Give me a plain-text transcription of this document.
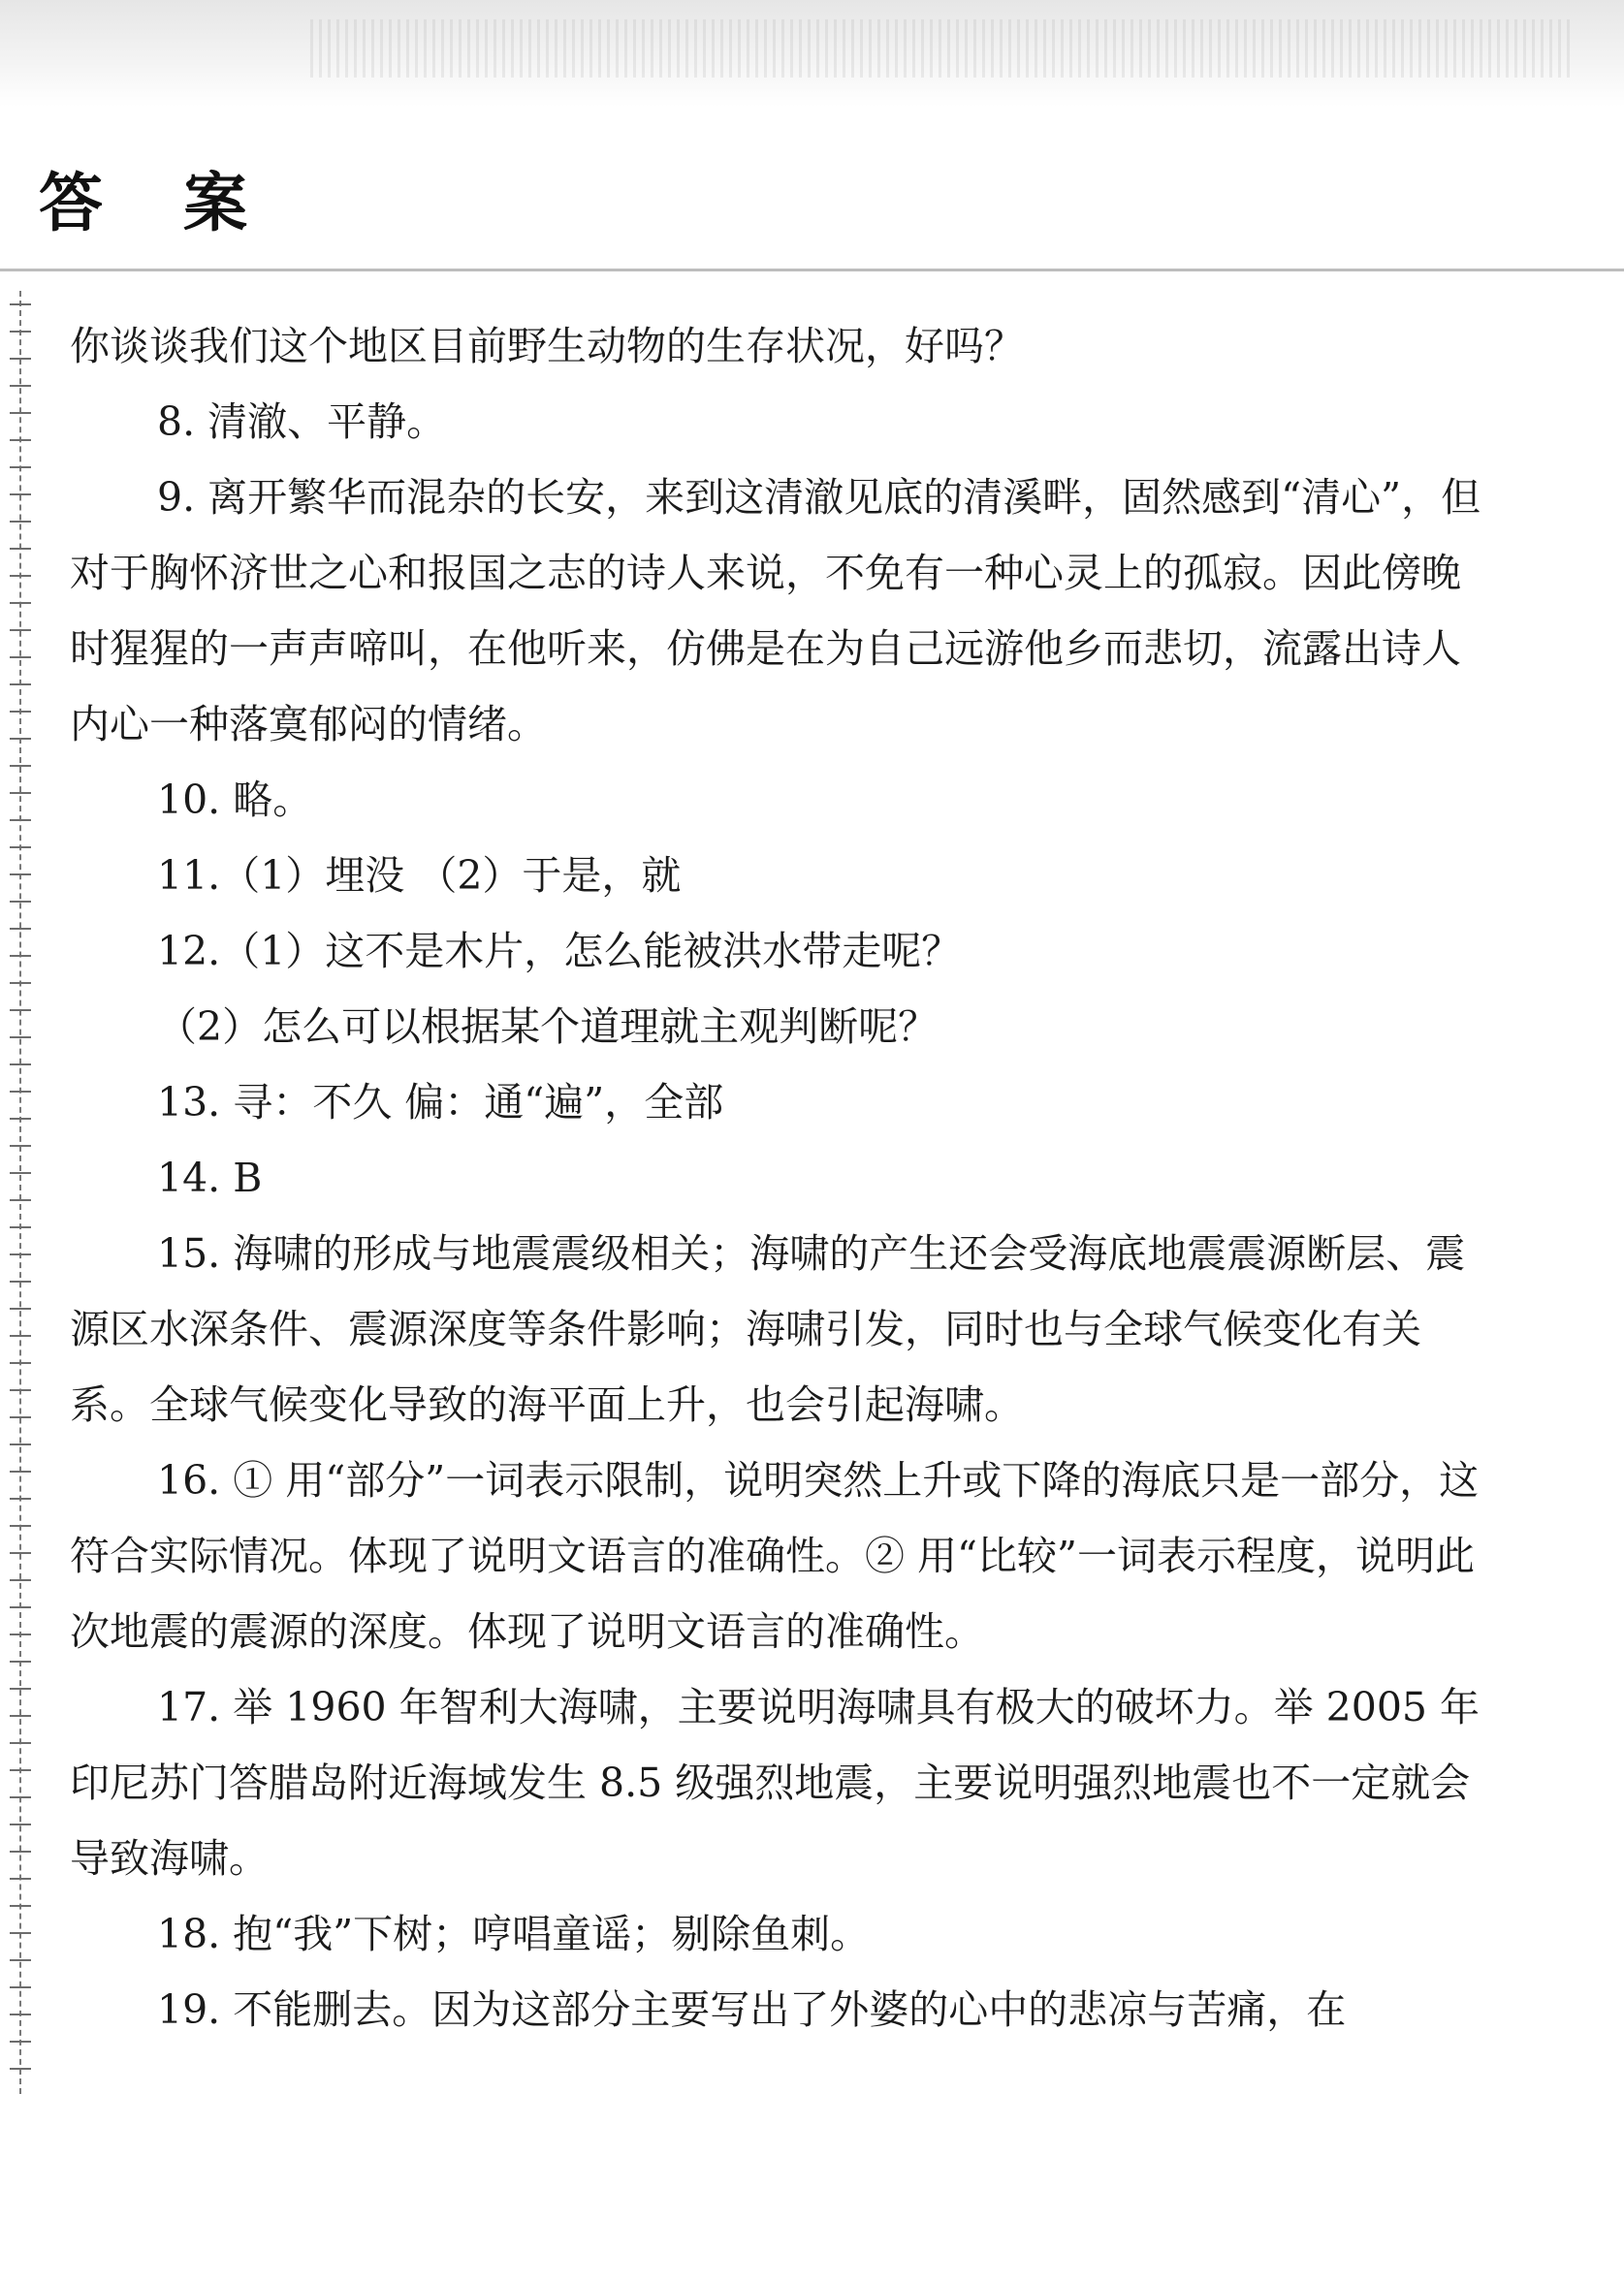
答 案

你谈谈我们这个地区目前野生动物的生存状况，好吗？

8. 清澈、平静。

9. 离开繁华而混杂的长安，来到这清澈见底的清溪畔，固然感到“清心”，但对于胸怀济世之心和报国之志的诗人来说，不免有一种心灵上的孤寂。因此傍晚时猩猩的一声声啼叫，在他听来，仿佛是在为自己远游他乡而悲切，流露出诗人内心一种落寞郁闷的情绪。

10. 略。

11.（1）埋没 （2）于是，就

12.（1）这不是木片，怎么能被洪水带走呢？

（2）怎么可以根据某个道理就主观判断呢？

13. 寻：不久 偏：通“遍”，全部

14. B

15. 海啸的形成与地震震级相关；海啸的产生还会受海底地震震源断层、震源区水深条件、震源深度等条件影响；海啸引发，同时也与全球气候变化有关系。全球气候变化导致的海平面上升，也会引起海啸。

16. ① 用“部分”一词表示限制，说明突然上升或下降的海底只是一部分，这符合实际情况。体现了说明文语言的准确性。② 用“比较”一词表示程度，说明此次地震的震源的深度。体现了说明文语言的准确性。

17. 举 1960 年智利大海啸，主要说明海啸具有极大的破坏力。举 2005 年印尼苏门答腊岛附近海域发生 8.5 级强烈地震，主要说明强烈地震也不一定就会导致海啸。

18. 抱“我”下树；哼唱童谣；剔除鱼刺。

19. 不能删去。因为这部分主要写出了外婆的心中的悲凉与苦痛，在
